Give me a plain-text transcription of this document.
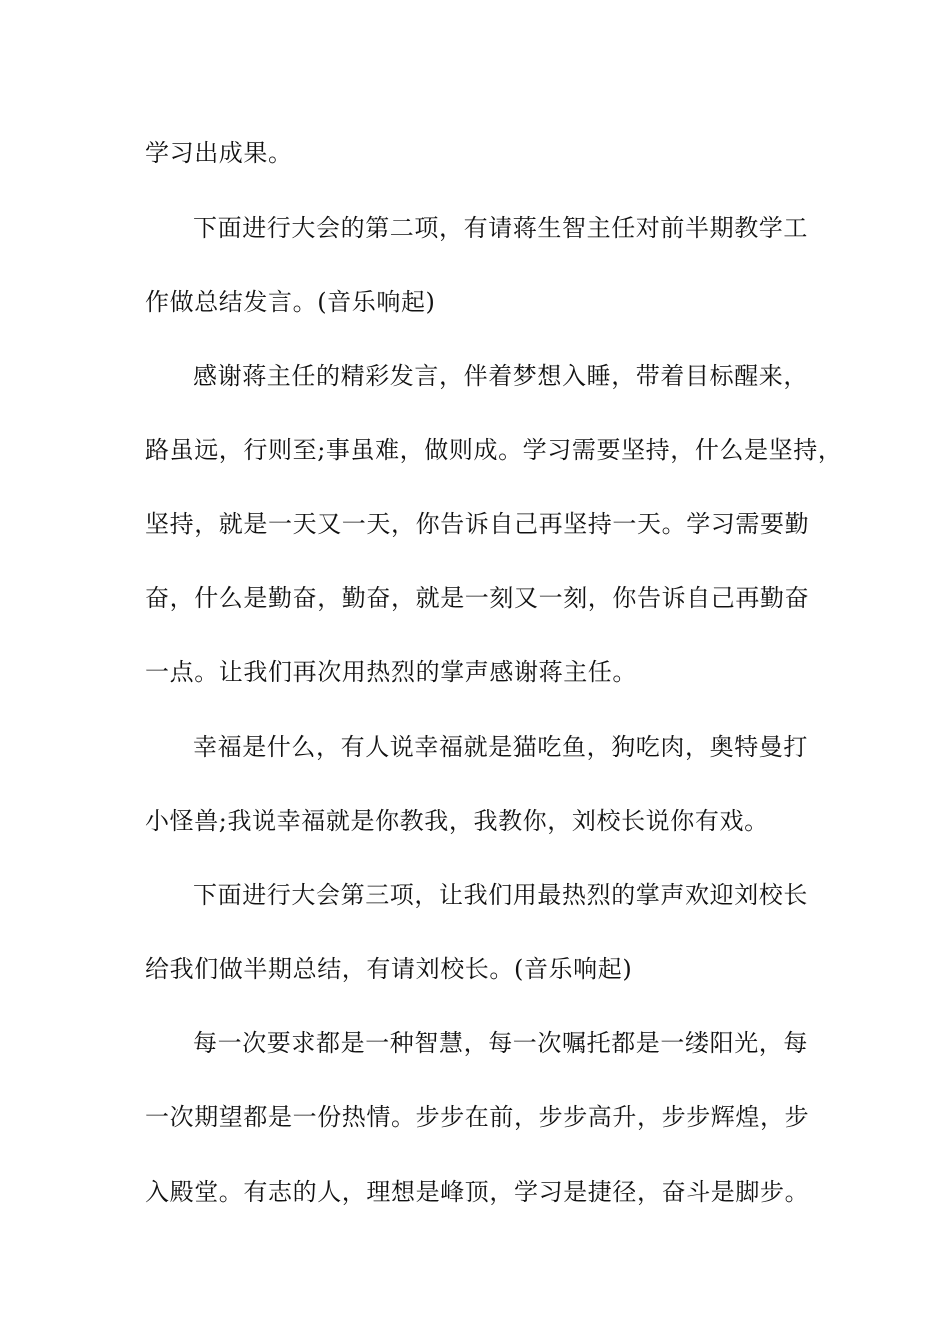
学习出成果。
下面进行大会的第二项，有请蒋生智主任对前半期教学工
作做总结发言。(音乐响起)
感谢蒋主任的精彩发言，伴着梦想入睡，带着目标醒来，
路虽远，行则至;事虽难，做则成。学习需要坚持，什么是坚持，
坚持，就是一天又一天，你告诉自己再坚持一天。学习需要勤
奋，什么是勤奋，勤奋，就是一刻又一刻，你告诉自己再勤奋
一点。让我们再次用热烈的掌声感谢蒋主任。
幸福是什么，有人说幸福就是猫吃鱼，狗吃肉，奥特曼打
小怪兽;我说幸福就是你教我，我教你，刘校长说你有戏。
下面进行大会第三项，让我们用最热烈的掌声欢迎刘校长
给我们做半期总结，有请刘校长。(音乐响起)
每一次要求都是一种智慧，每一次嘱托都是一缕阳光，每
一次期望都是一份热情。步步在前，步步高升，步步辉煌，步
入殿堂。有志的人，理想是峰顶，学习是捷径，奋斗是脚步。
